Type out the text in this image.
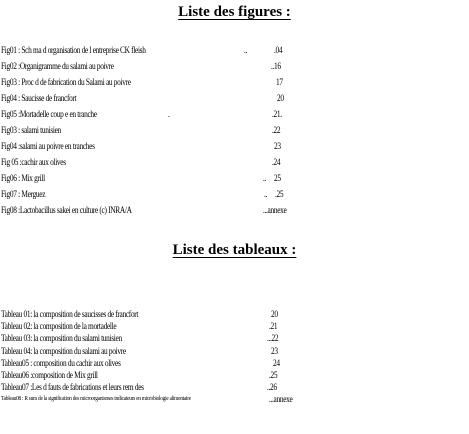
Liste des figures :
Fig01 : Sch ma d organisation de l entreprise CK fleish	..	.04
Fig02 :Organigramme du salami au poivre	..16
Fig03 : Proc d de fabrication du Salami au poivre	17
Fig04 : Saucisse de francfort	20
Fig05 :Mortadelle coup e en tranche	.	.21.
Fig03 : salami tunisien	.22
Fig04 :salami au poivre en tranches	23
Fig 05 :cachir aux olives	.24
Fig06 : Mix grill	.. 25
Fig07 : Merguez	.. .25
Fig08 :Lactobacillus sakei en culture (c) INRA/A	...annexe
Liste des tableaux :
Tableau 01: la composition de saucisses de francfort	20
Tableau 02: la composition de la mortadelle	.21
Tableau 03: la composition du salami tunisien	...22
Tableau 04: la composition du salami au poivre	23
Tableau05 : composition du cachir aux olives	24
Tableau06 :composition de Mix grill	.25
Tableau07 :Les d fauts de fabrications et leurs rem des	..26
Tableau08 : R sum de la signification des microorganismes indicateurs en microbiologie alimentaire	...annexe
